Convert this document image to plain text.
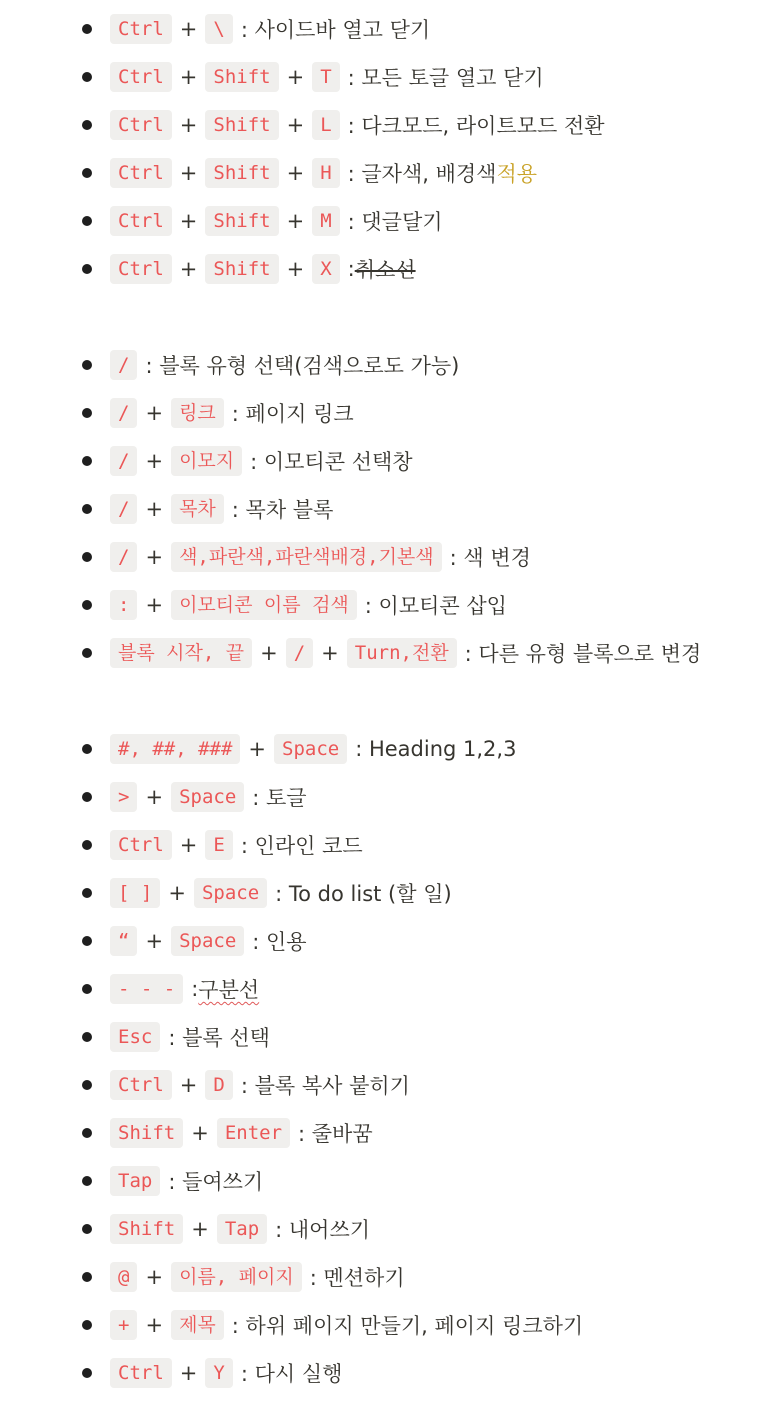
Ctrl + \ : 사이드바 열고 닫기
Ctrl + Shift + T : 모든 토글 열고 닫기
Ctrl + Shift + L : 다크모드, 라이트모드 전환
Ctrl + Shift + H : 글자색, 배경색 적용
Ctrl + Shift + M : 댓글달기
Ctrl + Shift + X : 취소선
/ : 블록 유형 선택(검색으로도 가능)
/ + 링크 : 페이지 링크
/ + 이모지 : 이모티콘 선택창
/ + 목차 : 목차 블록
/ + 색,파란색,파란색배경,기본색 : 색 변경
: + 이모티콘 이름 검색 : 이모티콘 삽입
블록 시작, 끝 + / + Turn,전환 : 다른 유형 블록으로 변경
#, ##, ### + Space : Heading 1,2,3
> + Space : 토글
Ctrl + E : 인라인 코드
[ ] + Space : To do list (할 일)
“ + Space : 인용
- - - : 구분선
Esc : 블록 선택
Ctrl + D : 블록 복사 붙히기
Shift + Enter : 줄바꿈
Tap : 들여쓰기
Shift + Tap : 내어쓰기
@ + 이름, 페이지 : 멘션하기
+ + 제목 : 하위 페이지 만들기, 페이지 링크하기
Ctrl + Y : 다시 실행
